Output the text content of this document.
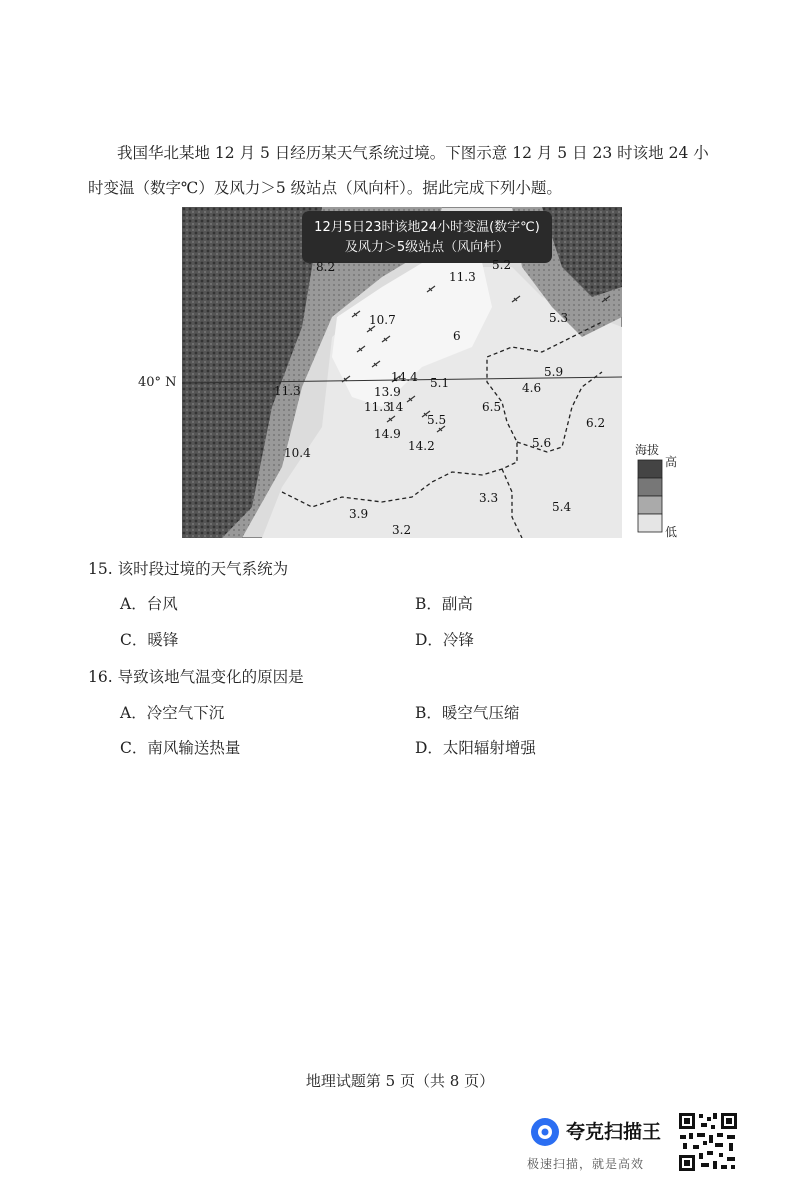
我国华北某地 12 月 5 日经历某天气系统过境。下图示意 12 月 5 日 23 时该地 24 小

时变温（数字℃）及风力＞5 级站点（风向杆）。据此完成下列小题。
12月5日23时该地24小时变温(数字℃)
及风力＞5级站点（风向杆）
8.2
11.3
5.2
10.7
6
5.3
14.4 5.1
5.9
4.6
11.3	13.9
11.3
14
5.5
6.5
6.2
14.9
14.2	5.6
10.4
3.3
3.9	5.4
3.2
40° N
海拔
高
低
15. 该时段过境的天气系统为
A．台风	B．副高
C．暖锋	D．冷锋
16. 导致该地气温变化的原因是
A．冷空气下沉	B．暖空气压缩
C．南风输送热量	D．太阳辐射增强
地理试题第 5 页（共 8 页）
夸克扫描王
极速扫描，就是高效
